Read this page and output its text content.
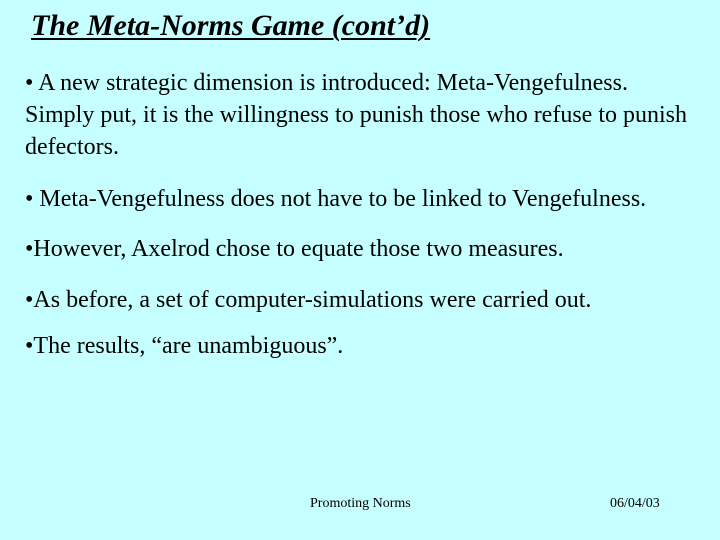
The Meta-Norms Game (cont’d)
• A new strategic dimension is introduced: Meta-Vengefulness. Simply put, it is the willingness to punish those who refuse to punish defectors.
• Meta-Vengefulness does not have to be linked to Vengefulness.
•However, Axelrod chose to equate those two measures.
•As before, a set of computer-simulations were carried out.
•The results, “are unambiguous”.
Promoting Norms	06/04/03
